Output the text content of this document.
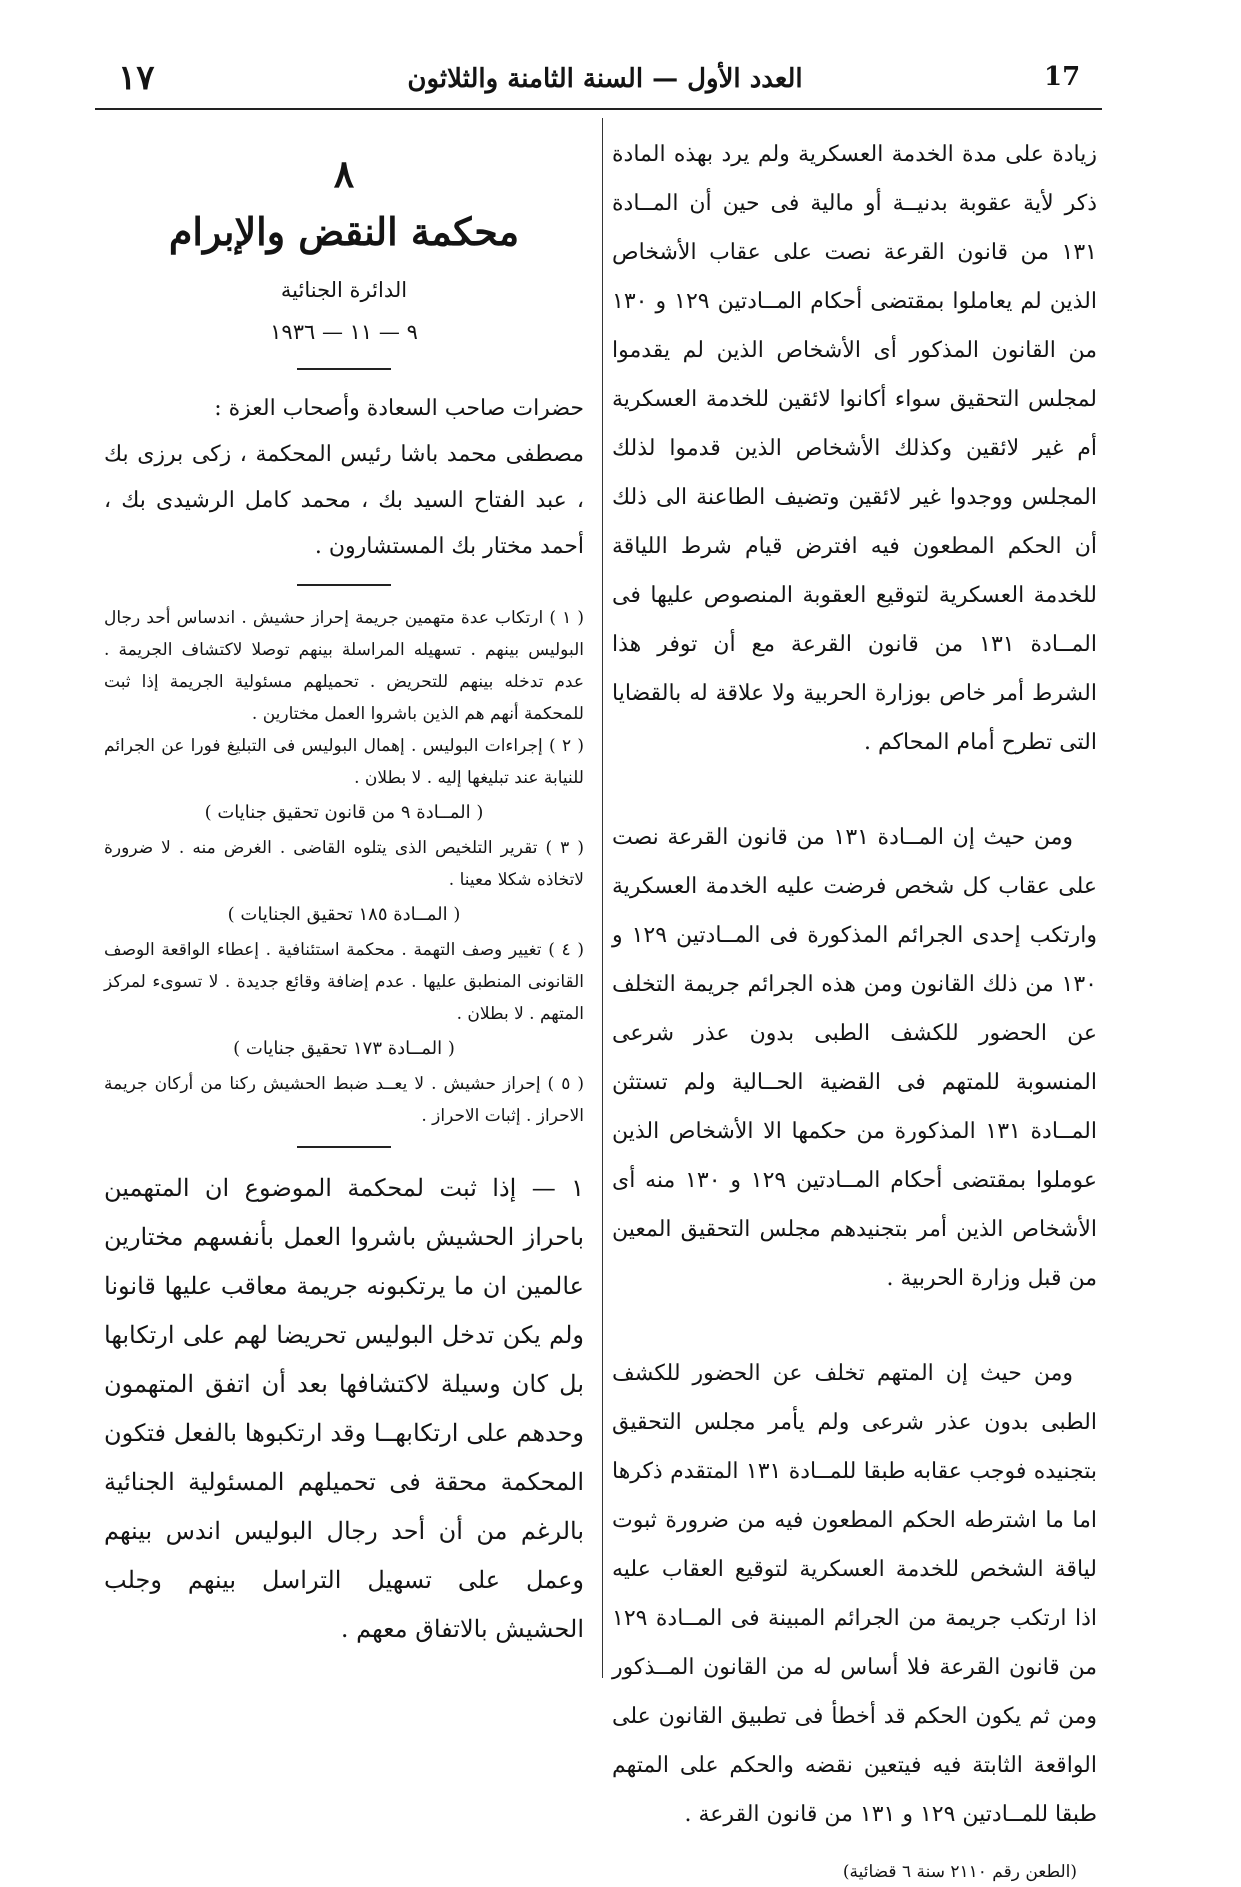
17
العدد الأول — السنة الثامنة والثلاثون
١٧

زيادة على مدة الخدمة العسكرية ولم يرد بهذه المادة ذكر لأية عقوبة بدنيــة أو مالية فى حين أن المــادة ١٣١ من قانون القرعة نصت على عقاب الأشخاص الذين لم يعاملوا بمقتضى أحكام المــادتين ١٢٩ و ١٣٠ من القانون المذكور أى الأشخاص الذين لم يقدموا لمجلس التحقيق سواء أكانوا لائقين للخدمة العسكرية أم غير لائقين وكذلك الأشخاص الذين قدموا لذلك المجلس ووجدوا غير لائقين وتضيف الطاعنة الى ذلك أن الحكم المطعون فيه افترض قيام شرط اللياقة للخدمة العسكرية لتوقيع العقوبة المنصوص عليها فى المــادة ١٣١ من قانون القرعة مع أن توفر هذا الشرط أمر خاص بوزارة الحربية ولا علاقة له بالقضايا التى تطرح أمام المحاكم .

ومن حيث إن المــادة ١٣١ من قانون القرعة نصت على عقاب كل شخص فرضت عليه الخدمة العسكرية وارتكب إحدى الجرائم المذكورة فى المــادتين ١٢٩ و ١٣٠ من ذلك القانون ومن هذه الجرائم جريمة التخلف عن الحضور للكشف الطبى بدون عذر شرعى المنسوبة للمتهم فى القضية الحــالية ولم تستثن المــادة ١٣١ المذكورة من حكمها الا الأشخاص الذين عوملوا بمقتضى أحكام المــادتين ١٢٩ و ١٣٠ منه أى الأشخاص الذين أمر بتجنيدهم مجلس التحقيق المعين من قبل وزارة الحربية .

ومن حيث إن المتهم تخلف عن الحضور للكشف الطبى بدون عذر شرعى ولم يأمر مجلس التحقيق بتجنيده فوجب عقابه طبقا للمــادة ١٣١ المتقدم ذكرها اما ما اشترطه الحكم المطعون فيه من ضرورة ثبوت لياقة الشخص للخدمة العسكرية لتوقيع العقاب عليه اذا ارتكب جريمة من الجرائم المبينة فى المــادة ١٢٩ من قانون القرعة فلا أساس له من القانون المــذكور ومن ثم يكون الحكم قد أخطأ فى تطبيق القانون على الواقعة الثابتة فيه فيتعين نقضه والحكم على المتهم طبقا للمــادتين ١٢٩ و ١٣١ من قانون القرعة .

(الطعن رقم ٢١١٠ سنة ٦ قضائية)

٨

محكمة النقض والإبرام

الدائرة الجنائية

٩ — ١١ — ١٩٣٦

حضرات صاحب السعادة وأصحاب العزة :

مصطفى محمد باشا رئيس المحكمة ، زكى برزى بك ، عبد الفتاح السيد بك ، محمد كامل الرشيدى بك ، أحمد مختار بك المستشارون .

( ١ ) ارتكاب عدة متهمين جريمة إحراز حشيش . اندساس أحد رجال البوليس بينهم . تسهيله المراسلة بينهم توصلا لاكتشاف الجريمة . عدم تدخله بينهم للتحريض . تحميلهم مسئولية الجريمة إذا ثبت للمحكمة أنهم هم الذين باشروا العمل مختارين .

( ٢ ) إجراءات البوليس . إهمال البوليس فى التبليغ فورا عن الجرائم للنيابة عند تبليغها إليه . لا بطلان .

( المــادة ٩ من قانون تحقيق جنايات )

( ٣ ) تقرير التلخيص الذى يتلوه القاضى . الغرض منه . لا ضرورة لاتخاذه شكلا معينا .

( المــادة ١٨٥ تحقيق الجنايات )

( ٤ ) تغيير وصف التهمة . محكمة استئنافية . إعطاء الواقعة الوصف القانونى المنطبق عليها . عدم إضافة وقائع جديدة . لا تسوىء لمركز المتهم . لا بطلان .

( المــادة ١٧٣ تحقيق جنايات )

( ٥ ) إحراز حشيش . لا يعــد ضبط الحشيش ركنا من أركان جريمة الاحراز . إثبات الاحراز .

١ — إذا ثبت لمحكمة الموضوع ان المتهمين باحراز الحشيش باشروا العمل بأنفسهم مختارين عالمين ان ما يرتكبونه جريمة معاقب عليها قانونا ولم يكن تدخل البوليس تحريضا لهم على ارتكابها بل كان وسيلة لاكتشافها بعد أن اتفق المتهمون وحدهم على ارتكابهــا وقد ارتكبوها بالفعل فتكون المحكمة محقة فى تحميلهم المسئولية الجنائية بالرغم من أن أحد رجال البوليس اندس بينهم وعمل على تسهيل التراسل بينهم وجلب الحشيش بالاتفاق معهم .
